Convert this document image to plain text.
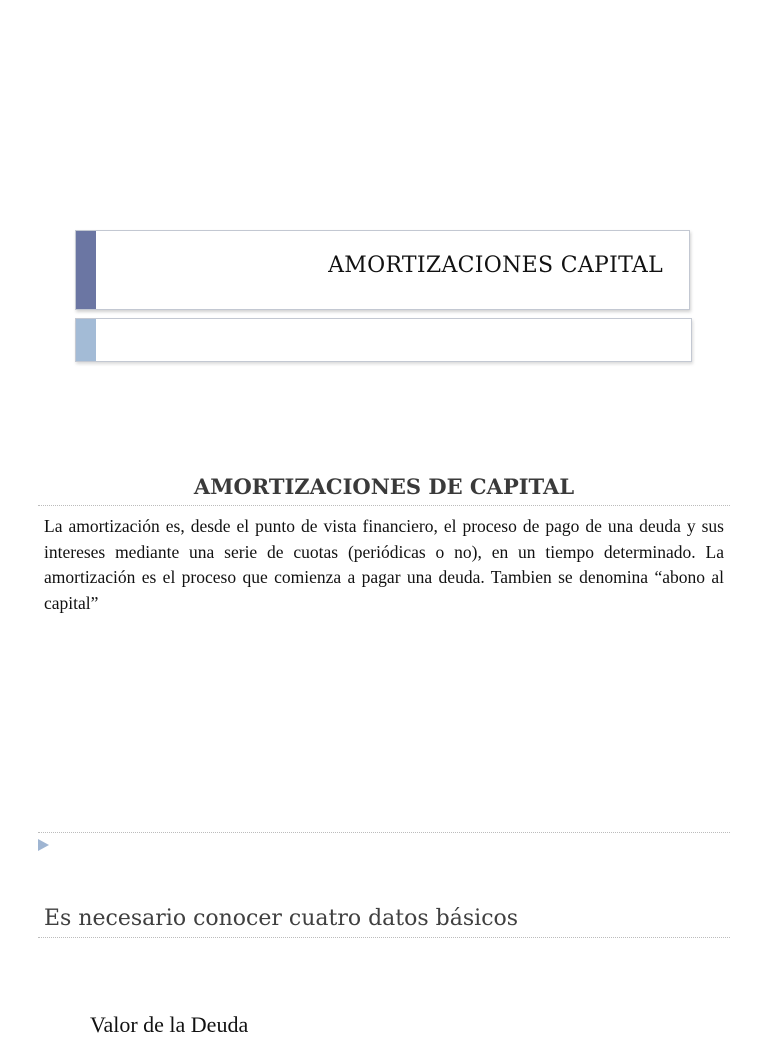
AMORTIZACIONES CAPITAL
AMORTIZACIONES DE CAPITAL
La amortización es, desde el punto de vista financiero, el proceso de pago de una deuda y sus intereses mediante una serie de cuotas (periódicas o no), en un tiempo determinado. La amortización es el proceso que comienza a pagar una deuda. Tambien se denomina “abono al capital”
Es necesario conocer cuatro datos básicos
Valor de la Deuda
